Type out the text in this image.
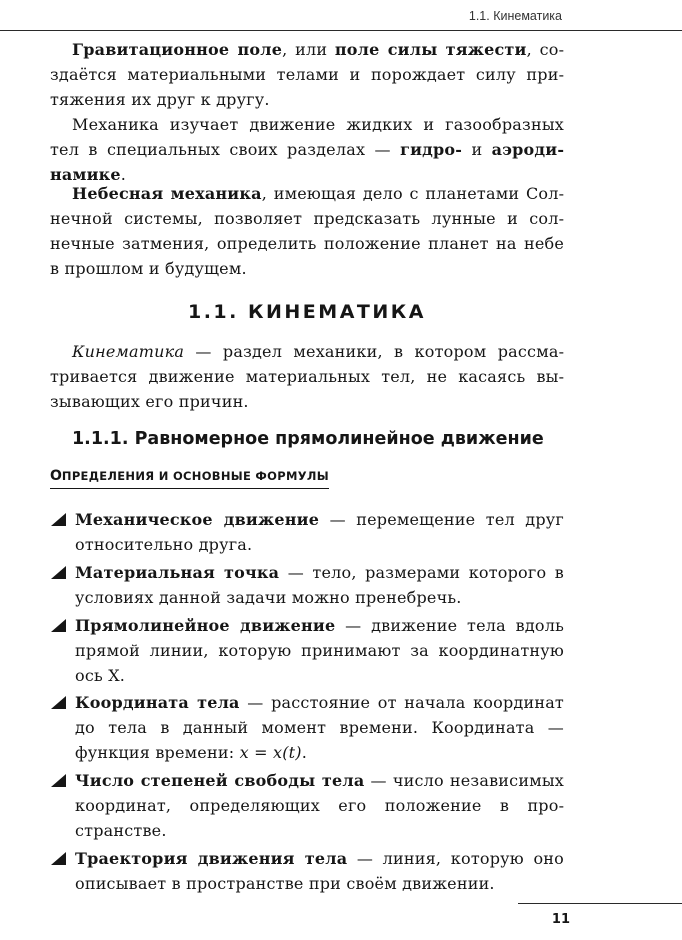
1.1. Кинематика

Гравитационное поле, или поле силы тяжести, создаётся материальными телами и порождает силу притяжения их друг к другу.

Механика изучает движение жидких и газообразных тел в специальных своих разделах — гидро- и аэродинамике.

Небесная механика, имеющая дело с планетами Солнечной системы, позволяет предсказать лунные и солнечные затмения, определить положение планет на небе в прошлом и будущем.

1.1. КИНЕМАТИКА

Кинематика — раздел механики, в котором рассматривается движение материальных тел, не касаясь вызывающих его причин.

1.1.1. Равномерное прямолинейное движение
ОПРЕДЕЛЕНИЯ И ОСНОВНЫЕ ФОРМУЛЫ
Механическое движение — перемещение тел друг относительно друга.
Материальная точка — тело, размерами которого в условиях данной задачи можно пренебречь.
Прямолинейное движение — движение тела вдоль прямой линии, которую принимают за координатную ось X.
Координата тела — расстояние от начала координат до тела в данный момент времени. Координата — функция времени: x = x(t).
Число степеней свободы тела — число независимых координат, определяющих его положение в пространстве.
Траектория движения тела — линия, которую оно описывает в пространстве при своём движении.
11
